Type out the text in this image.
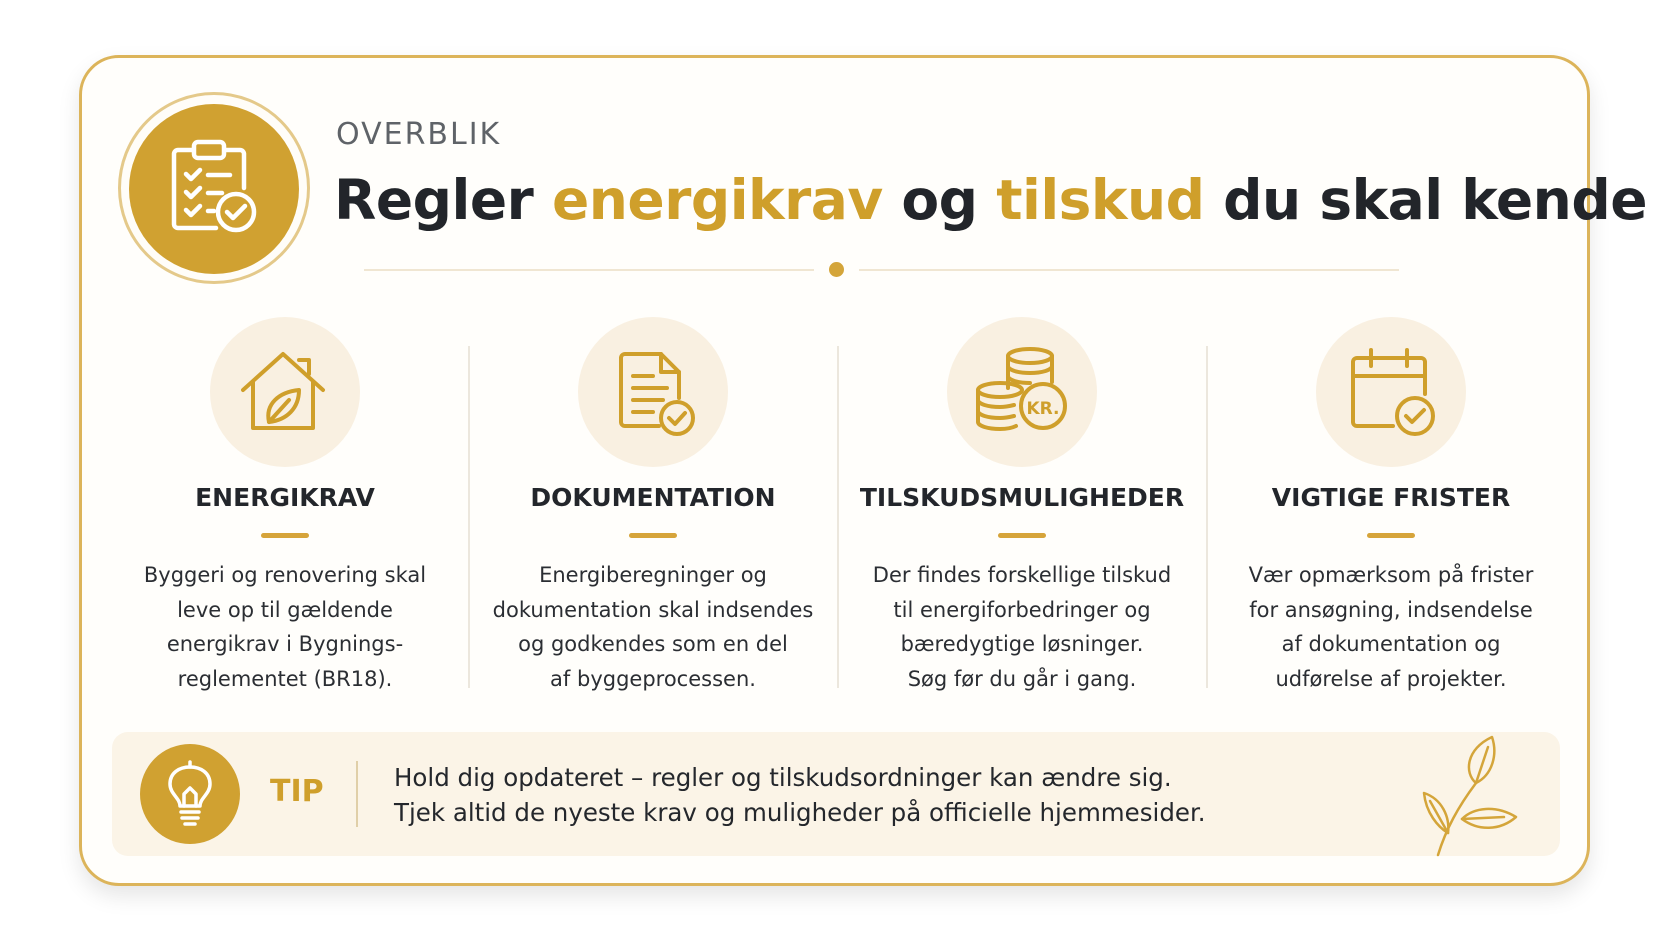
OVERBLIK
Regler energikrav og tilskud du skal kende
ENERGIKRAV
Byggeri og renovering skal
leve op til gældende
energikrav i Bygnings-
reglementet (BR18).
DOKUMENTATION
Energiberegninger og
dokumentation skal indsendes
og godkendes som en del
af byggeprocessen.
KR.
TILSKUDSMULIGHEDER
Der findes forskellige tilskud
til energiforbedringer og
bæredygtige løsninger.
Søg før du går i gang.
VIGTIGE FRISTER
Vær opmærksom på frister
for ansøgning, indsendelse
af dokumentation og
udførelse af projekter.
TIP	Hold dig opdateret – regler og tilskudsordninger kan ændre sig.
Tjek altid de nyeste krav og muligheder på officielle hjemmesider.
